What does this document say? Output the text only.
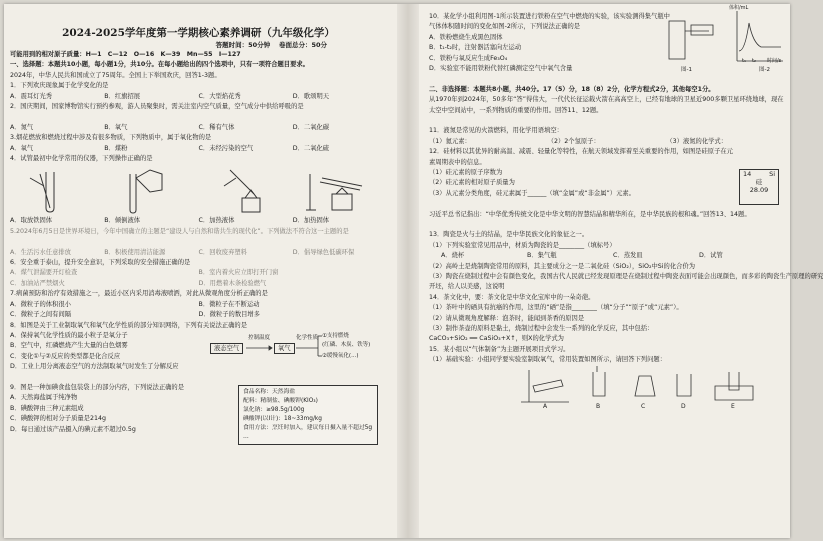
2024-2025学年度第一学期核心素养调研（九年级化学）
答题时间：50分钟　 卷面总分：50分
可能用到的相对原子质量：H—1　C—12　O—16　K—39　Mn—55　I—127
一、选择题：本题共10小题，每小题1分，共10分。在每小题给出的四个选项中，只有一项符合题目要求。
2024年，中华人民共和国成立了75周年。全国上下举国欢庆，回答1-3题。
1．下列欢庆现象属于化学变化的是
A．震耳灯光秀	B．红旗招展	C．大型焰花秀	D．歌颂明天
2．国庆期间，国家博物馆实行预约参观，游人员聚集时，需关注室内空气质量，空气成分中供给呼吸的是
A．氮气	B．氧气	C．稀有气体	D．二氧化碳
3.烟花燃放和燃烧过程中涉及有很多物质，下列物质中，属于氧化物的是
A．氧气	B．煤粉	C．未经污染的空气	D．二氧化硫
4．试管最初中化学常用的仪器，下列操作正确的是
A．取放铁固体	B．倾倒液体	C．加热液体	D．加热固体
5.2024年6月5日是世界环境日，今年中国确立的主题是“建设人与自然和谐共生的现代化”。下列做法不符合这一主题的是
A．生活污水任意排放	B．积极使用清洁能源	C．回收废弃塑料	D．倡导绿色低碳环保
6．安全重于泰山，提升安全意识，下列采取的安全措施正确的是
A．煤气泄漏要开灯检查	B．室内着火应立即打开门窗
C．加油站严禁烟火	D．用燃着木条检验燃气
7.病菌预防和治疗有效措施之一，最近小区内采用消毒液喷洒，对此从微观角度分析正确的是
A．微粒子的体积很小	B．微粒子在不断运动
C．微粒子之间有间隔	D．微粒子的数目增多
8．如图是关于工业制取氧气和氧气化学性质的部分知识网络，下列有关说法正确的是
A．保持氧气化学性质的最小粒子是氧分子
B．空气中，红磷燃烧产生大量的白色烟雾
C．变化①与②反应的类型都是化合反应
D．工业上用分离液态空气的方法制取氧气时发生了分解反应
液态空气
控制温度
氧气
化学性质 ①支持燃烧
(红磷、木炭、铁等)
②缓慢氧化(...)
9．图是一种加碘食盐包装袋上的部分内容，下列说法正确的是
A．天然海盐属于纯净物
B．碘酸钾由三种元素组成
C．碘酸钾的相对分子质量是214g
D．每日通过该产品摄入的碘元素不超过0.5g
食品名称：天然海盐
配料：精制盐、碘酸钾(KIO₃)
氯化钠：≥98.5g/100g
碘酸钾(以I计)：18~33mg/kg
食用方法：烹饪时加入，建议每日摄入量不超过5g
…
10．某化学小组利用图-1所示装置进行铁粉在空气中燃烧的实验，该实验测得集气瓶中气体体积随时间的变化如图-2所示，下列说法正确的是
A．铁粉燃烧生成黑色固体
B．t₁-t₂时，注射器活塞向左运动
C．铁粉与氧反应生成Fe₃O₄
D．实验室不能用铁粉代替红磷测定空气中氧气含量	图-1	图-2
体积/mL
时间/s
t₁ t₂
二、非选择题：本题共8小题，共40分。17（5）分，18（8）2分，化学方程式2分，其他每空1分。
从1970年到2024年，50多年“答”得伟大，一代代长征运载火箭在高高空上，已经有地球的卫星近900多颗卫星环绕地球，现在太空中空间站中，一系列物质的重要的作用。回答11、12题。
11．液氮是常见的火箭燃料，用化学用语填空：
（1）氦元素：	（2）2个氢原子：	（3）液氮的化学式：
12．硅材料以其优异的耐高温、减震、轻量化等特性，在航天领域发挥着至关重要的作用，如图是硅原子在元素周期表中的信息。
（1）硅元素的原子序数为
（2）硅元素的相对原子质量为
（3）从元素分类角度，硅元素属于______（填“金属”或“非金属”）元素。
14	Si
硅
28.09
习近平总书记指出：“中华优秀传统文化是中华文明的智慧结晶和精华所在，是中华民族的根和魂。”回答13、14题。
13．陶瓷是火与土的结晶，是中华民族文化的象征之一。
（1）下列实验室常见用品中，材质为陶瓷的是________（填标号）
A．烧杯	B．集气瓶	C．蒸发皿	D．试管
（2）高岭土是烧制陶瓷常用的原料，其主要成分之一是二氧化硅（SiO₂），SiO₂中Si的化合价为
（3）陶瓷在烧制过程中会有颜色变化，我国古代人民就已经发现原理是在烧制过程中陶瓷表面可能会出现颜色，而多彩的陶瓷生产原理的研究
开坯，给人以美感，这说明
14．茶文化中，要：茶文化是中华文化宝库中的一朵奇葩。
（1）茶叶中的硒具有抗癌的作用，这里的“硒”是指________（填“分子”“原子”或“元素”）。
（2）请从微观角度解释：泡茶时，能闻到茶香的原因是
（3）制作茶壶的原料是黏土，烧制过程中会发生一系列的化学反应，其中包括：
CaCO₃+SiO₂ ══ CaSiO₃+X↑，则X的化学式为
15．某小组以“气体制备”为主题开展项目式学习。
（1）基础实验：小组同学要实验室制取氧气，常用装置如图所示，请回答下列问题：
A	B	C	D	E
